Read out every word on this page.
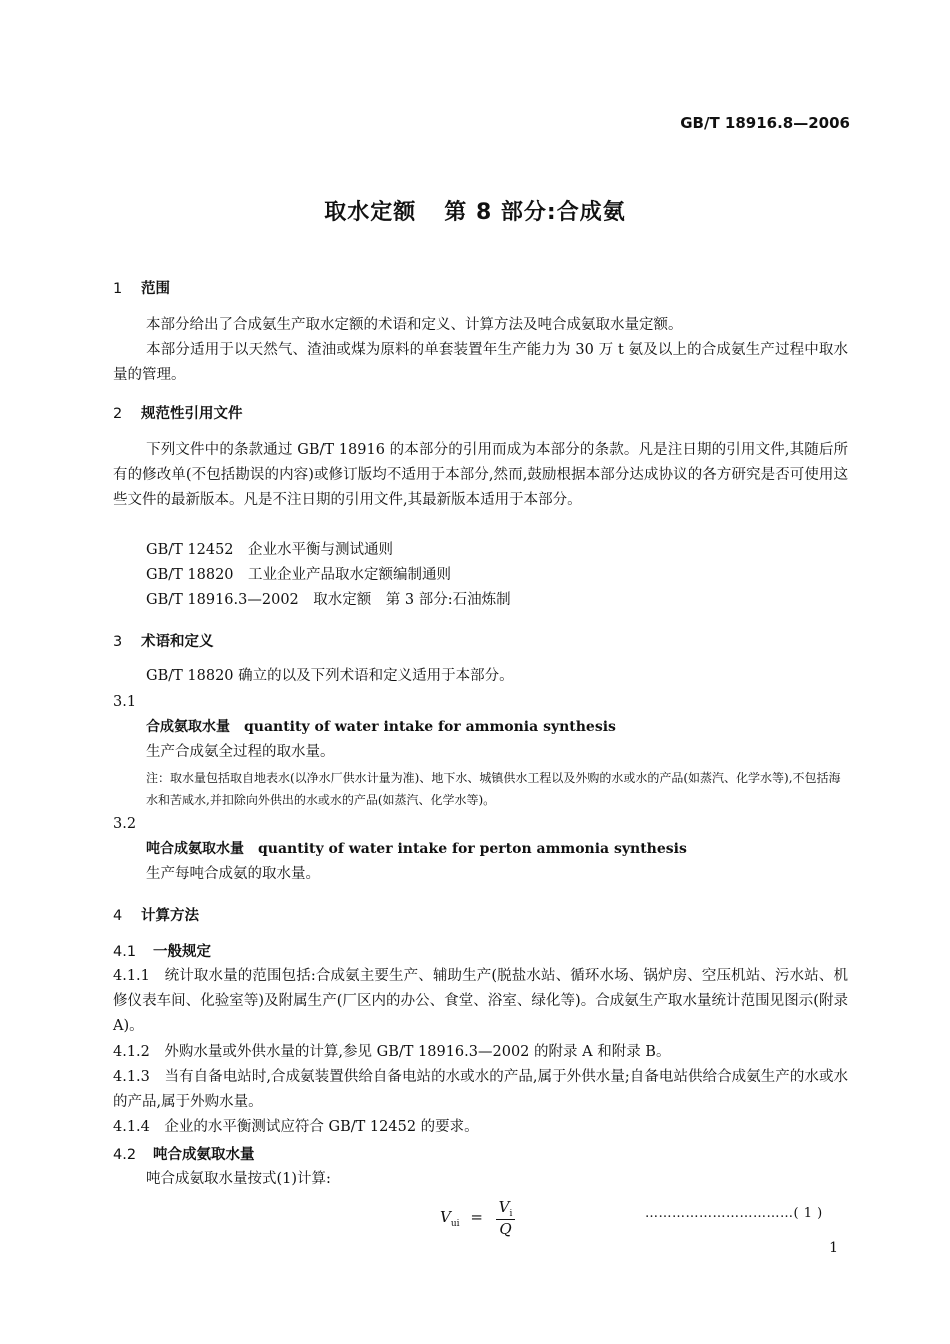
GB/T 18916.8—2006
取水定额 第 8 部分:合成氨
1 范围
本部分给出了合成氨生产取水定额的术语和定义、计算方法及吨合成氨取水量定额。
本部分适用于以天然气、渣油或煤为原料的单套装置年生产能力为 30 万 t 氨及以上的合成氨生产过程中取水量的管理。
2 规范性引用文件
下列文件中的条款通过 GB/T 18916 的本部分的引用而成为本部分的条款。凡是注日期的引用文件,其随后所有的修改单(不包括勘误的内容)或修订版均不适用于本部分,然而,鼓励根据本部分达成协议的各方研究是否可使用这些文件的最新版本。凡是不注日期的引用文件,其最新版本适用于本部分。
GB/T 12452　 企业水平衡与测试通则
GB/T 18820　 工业企业产品取水定额编制通则
GB/T 18916.3—2002　 取水定额　第 3 部分:石油炼制
3 术语和定义
GB/T 18820 确立的以及下列术语和定义适用于本部分。
3.1
合成氨取水量 quantity of water intake for ammonia synthesis
生产合成氨全过程的取水量。
注：取水量包括取自地表水(以净水厂供水计量为准)、地下水、城镇供水工程以及外购的水或水的产品(如蒸汽、化学水等),不包括海水和苦咸水,并扣除向外供出的水或水的产品(如蒸汽、化学水等)。
3.2
吨合成氨取水量 quantity of water intake for perton ammonia synthesis
生产每吨合成氨的取水量。
4 计算方法
4.1 一般规定
4.1.1　 统计取水量的范围包括:合成氨主要生产、辅助生产(脱盐水站、循环水场、锅炉房、空压机站、污水站、机修仪表车间、化验室等)及附属生产(厂区内的办公、食堂、浴室、绿化等)。合成氨生产取水量统计范围见图示(附录 A)。
4.1.2　 外购水量或外供水量的计算,参见 GB/T 18916.3—2002 的附录 A 和附录 B。
4.1.3　 当有自备电站时,合成氨装置供给自备电站的水或水的产品,属于外供水量;自备电站供给合成氨生产的水或水的产品,属于外购水量。
4.1.4　 企业的水平衡测试应符合 GB/T 12452 的要求。
4.2 吨合成氨取水量
吨合成氨取水量按式(1)计算:
$V_{ui} = \frac{V_i}{Q}$	……………………………( 1 )
1
